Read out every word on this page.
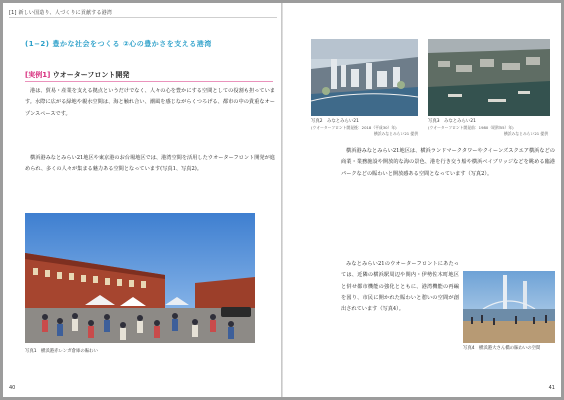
[1] 新しい国造り、人づくりに貢献する港湾
(1−2) 豊かな社会をつくる ②心の豊かさを支える港湾
[実例1] ウオーターフロント開発

港は、貿易・産業を支える拠点というだけでなく、人々の心を豊かにする空間としての役割も担っています。水際に広がる緑地や親水空間は、海と触れ合い、潮風を感じながらくつろげる、都市の中の貴重なオープンスペースです。

横浜港みなとみらい21地区や東京港のお台場地区では、港湾空間を活用したウオーターフロント開発が進められ、多くの人々が集まる魅力ある空間となっています(写真1、写真2)。

写真1　横浜港赤レンガ倉庫の賑わい
40
写真2　みなとみらい21
(ウオーターフロント開発後：2018（平成30）年)
横浜みなとみらい21 提供
写真3　みなとみらい21
(ウオーターフロント開発前：1980（昭和55）年)
横浜みなとみらい21 提供

横浜港みなとみらい21地区は、横浜ランドマークタワーやクイーンズスクエア横浜などの商業・業務施設や開放的な海の景色、港を行き交う船や横浜ベイブリッジなどを眺める臨港パークなどの賑わいと開放感ある空間となっています（写真2）。

みなとみらい21のウオーターフロントにあたっては、近隣の横浜駅周辺や関内・伊勢佐木町地区と併せ都市機能の強化とともに、港湾機能の再編を図り、市民に開かれた賑わいと憩いの空間が創出されています（写真4）。

写真4　横浜港大さん橋の賑わいの空間
41
